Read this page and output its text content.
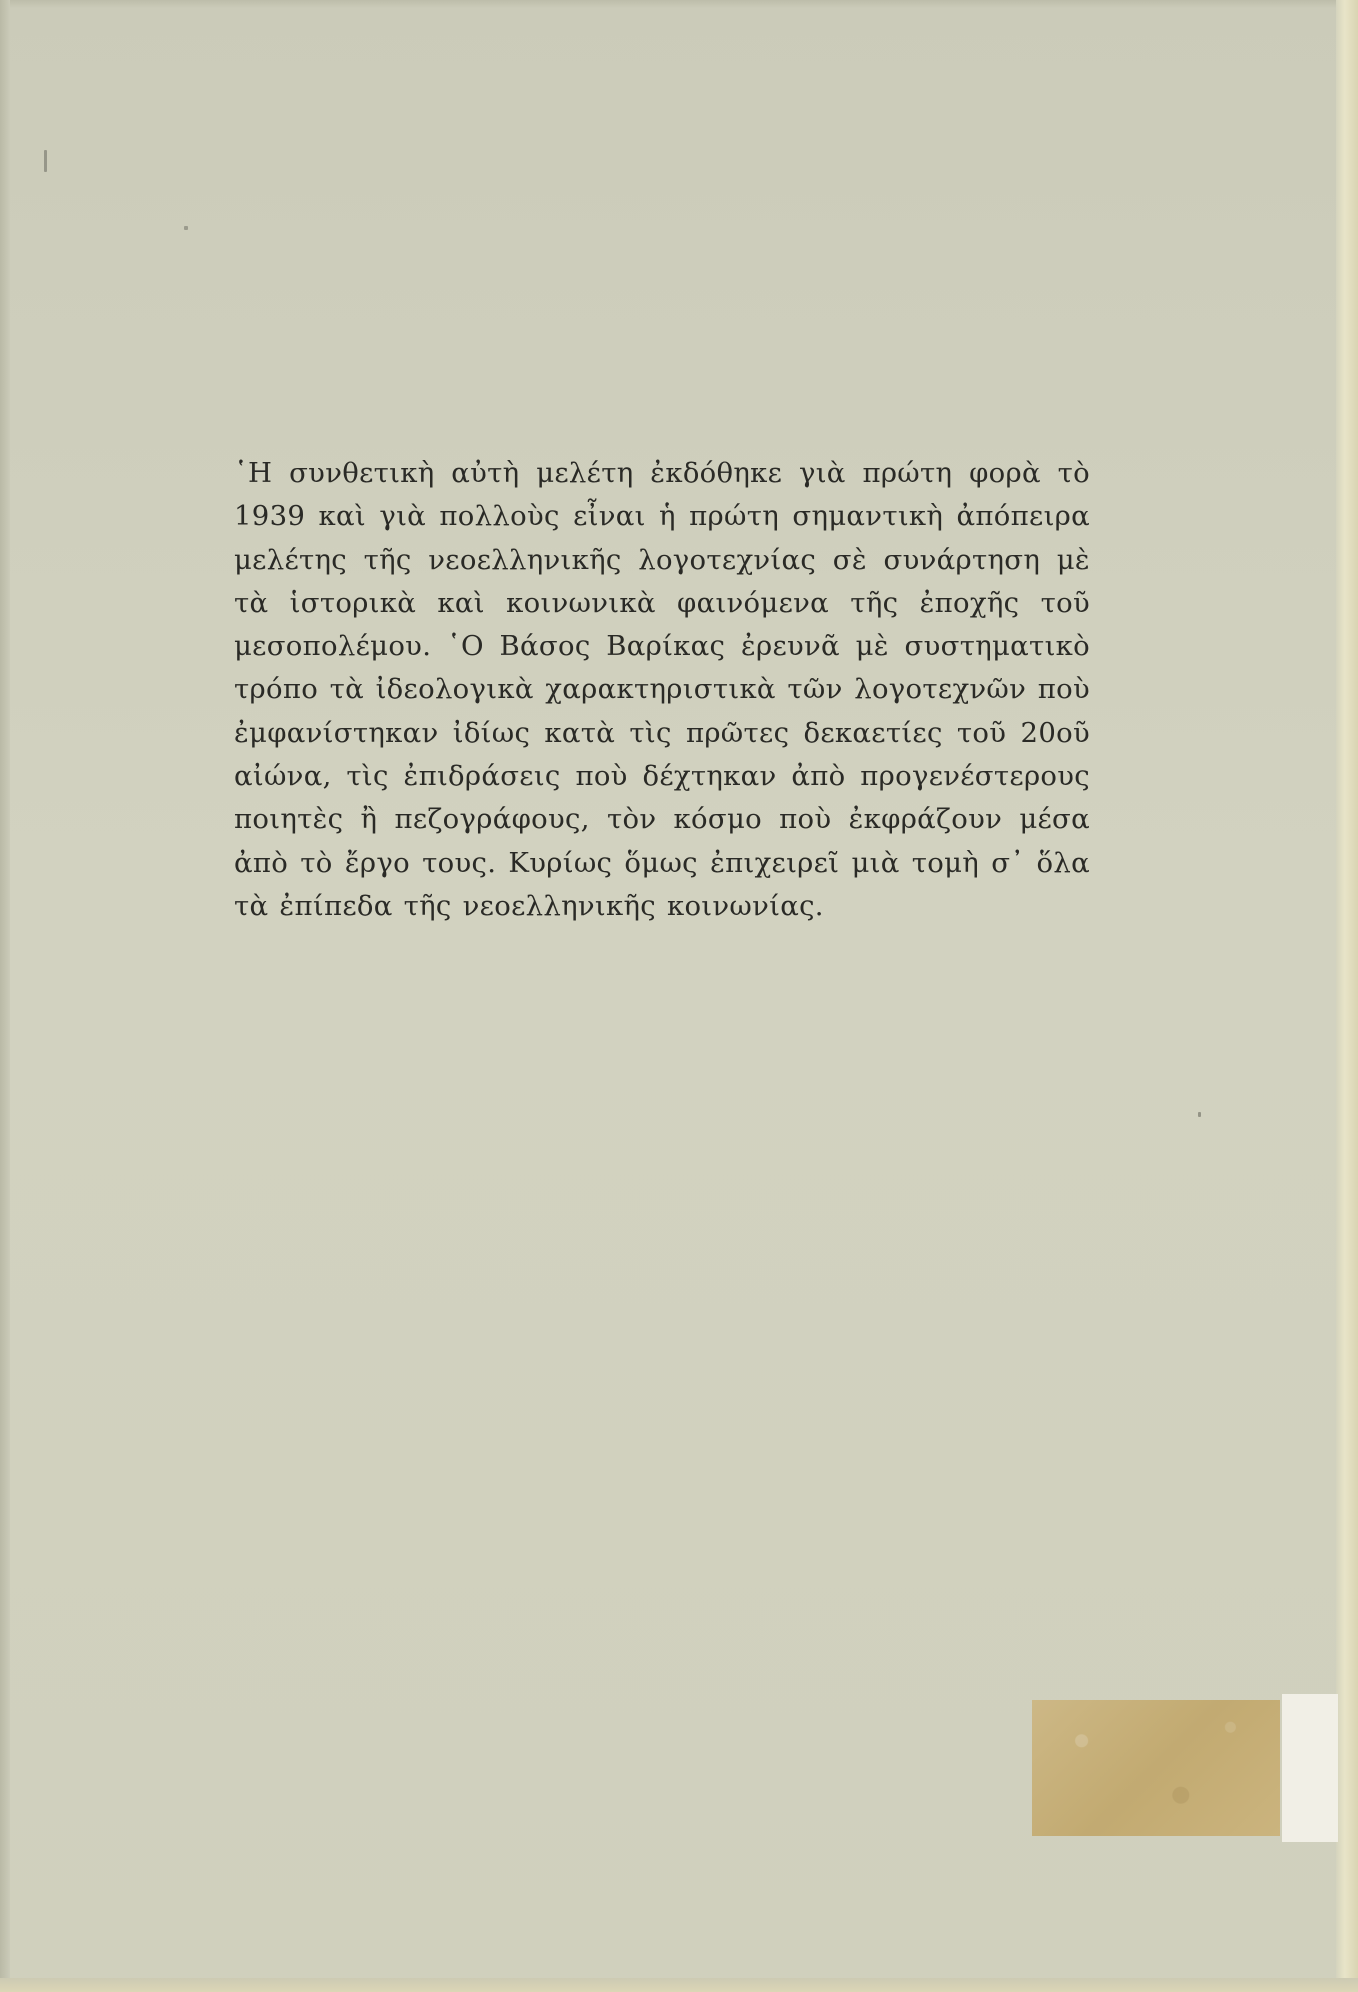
῾Η συνθετικὴ αὐτὴ μελέτη ἐκδόθηκε γιὰ πρώτη φορὰ τὸ 1939 καὶ γιὰ πολλοὺς εἶναι ἡ πρώτη σημαντικὴ ἀπόπειρα μελέτης τῆς νεοελληνικῆς λογοτεχνίας σὲ συνάρτηση μὲ τὰ ἱστορικὰ καὶ κοινωνικὰ φαινόμενα τῆς ἐποχῆς τοῦ μεσοπολέμου. ῾Ο Βάσος Βαρίκας ἐρευνᾶ μὲ συστηματικὸ τρόπο τὰ ἰδεολογικὰ χαρακτηριστικὰ τῶν λογοτεχνῶν ποὺ ἐμφανίστηκαν ἰδίως κατὰ τὶς πρῶτες δεκαετίες τοῦ 20οῦ αἰώνα, τὶς ἐπιδράσεις ποὺ δέχτηκαν ἀπὸ προγενέστερους ποιητὲς ἢ πεζογράφους, τὸν κόσμο ποὺ ἐκφράζουν μέσα ἀπὸ τὸ ἔργο τους. Κυρίως ὅμως ἐπιχειρεῖ μιὰ τομὴ σ᾽ ὅλα τὰ ἐπίπεδα τῆς νεοελληνικῆς κοινωνίας.
